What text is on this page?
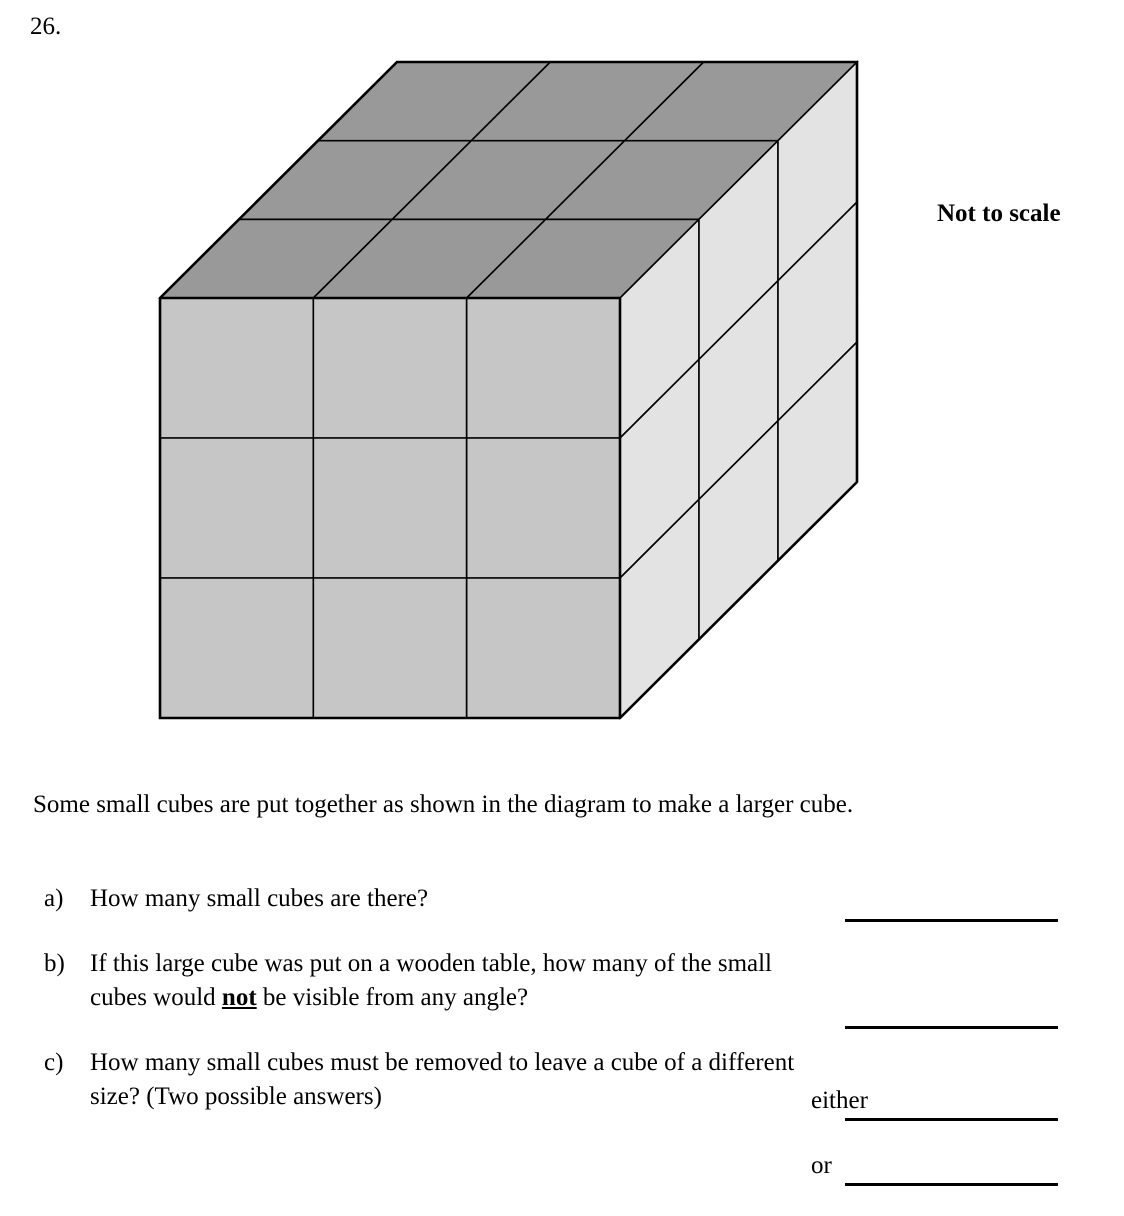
26.
Not to scale
Some small cubes are put together as shown in the diagram to make a larger cube.
a)	How many small cubes are there?
b)	If this large cube was put on a wooden table, how many of the small cubes would not be visible from any angle?
c)	How many small cubes must be removed to leave a cube of a different size? (Two possible answers)	either
or
